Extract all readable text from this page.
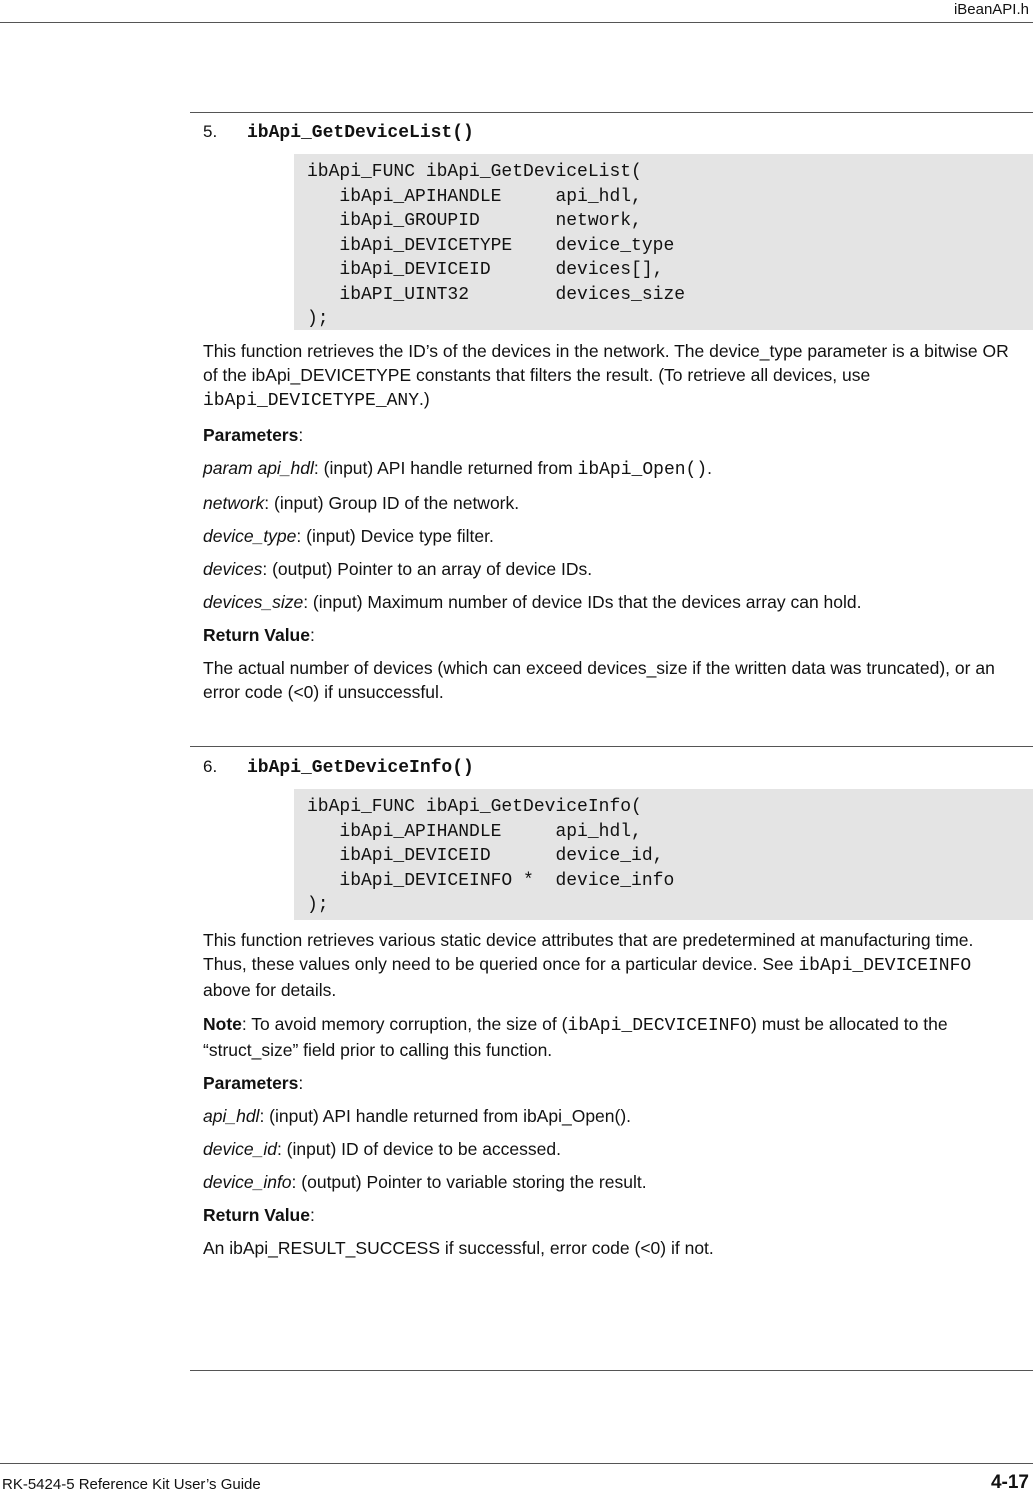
iBeanAPI.h
5. ibApi_GetDeviceList()
ibApi_FUNC ibApi_GetDeviceList(
ibApi_APIHANDLE     api_hdl,
ibApi_GROUPID       network,
ibApi_DEVICETYPE    device_type
ibApi_DEVICEID      devices[],
ibAPI_UINT32        devices_size
);

This function retrieves the ID’s of the devices in the network. The device_type parameter is a bitwise OR of the ibApi_DEVICETYPE constants that filters the result. (To retrieve all devices, use ibApi_DEVICETYPE_ANY.)

Parameters:

param api_hdl: (input) API handle returned from ibApi_Open().

network: (input) Group ID of the network.

device_type: (input) Device type filter.

devices: (output) Pointer to an array of device IDs.

devices_size: (input) Maximum number of device IDs that the devices array can hold.

Return Value:

The actual number of devices (which can exceed devices_size if the written data was truncated), or an error code (<0) if unsuccessful.

6. ibApi_GetDeviceInfo()
ibApi_FUNC ibApi_GetDeviceInfo(
ibApi_APIHANDLE     api_hdl,
ibApi_DEVICEID      device_id,
ibApi_DEVICEINFO *  device_info
);

This function retrieves various static device attributes that are predetermined at manufacturing time. Thus, these values only need to be queried once for a particular device. See ibApi_DEVICEINFO above for details.

Note: To avoid memory corruption, the size of (ibApi_DECVICEINFO) must be allocated to the “struct_size” field prior to calling this function.

Parameters:

api_hdl: (input) API handle returned from ibApi_Open().

device_id: (input) ID of device to be accessed.

device_info: (output) Pointer to variable storing the result.

Return Value:

An ibApi_RESULT_SUCCESS if successful, error code (<0) if not.

RK-5424-5 Reference Kit User’s Guide	4-17
